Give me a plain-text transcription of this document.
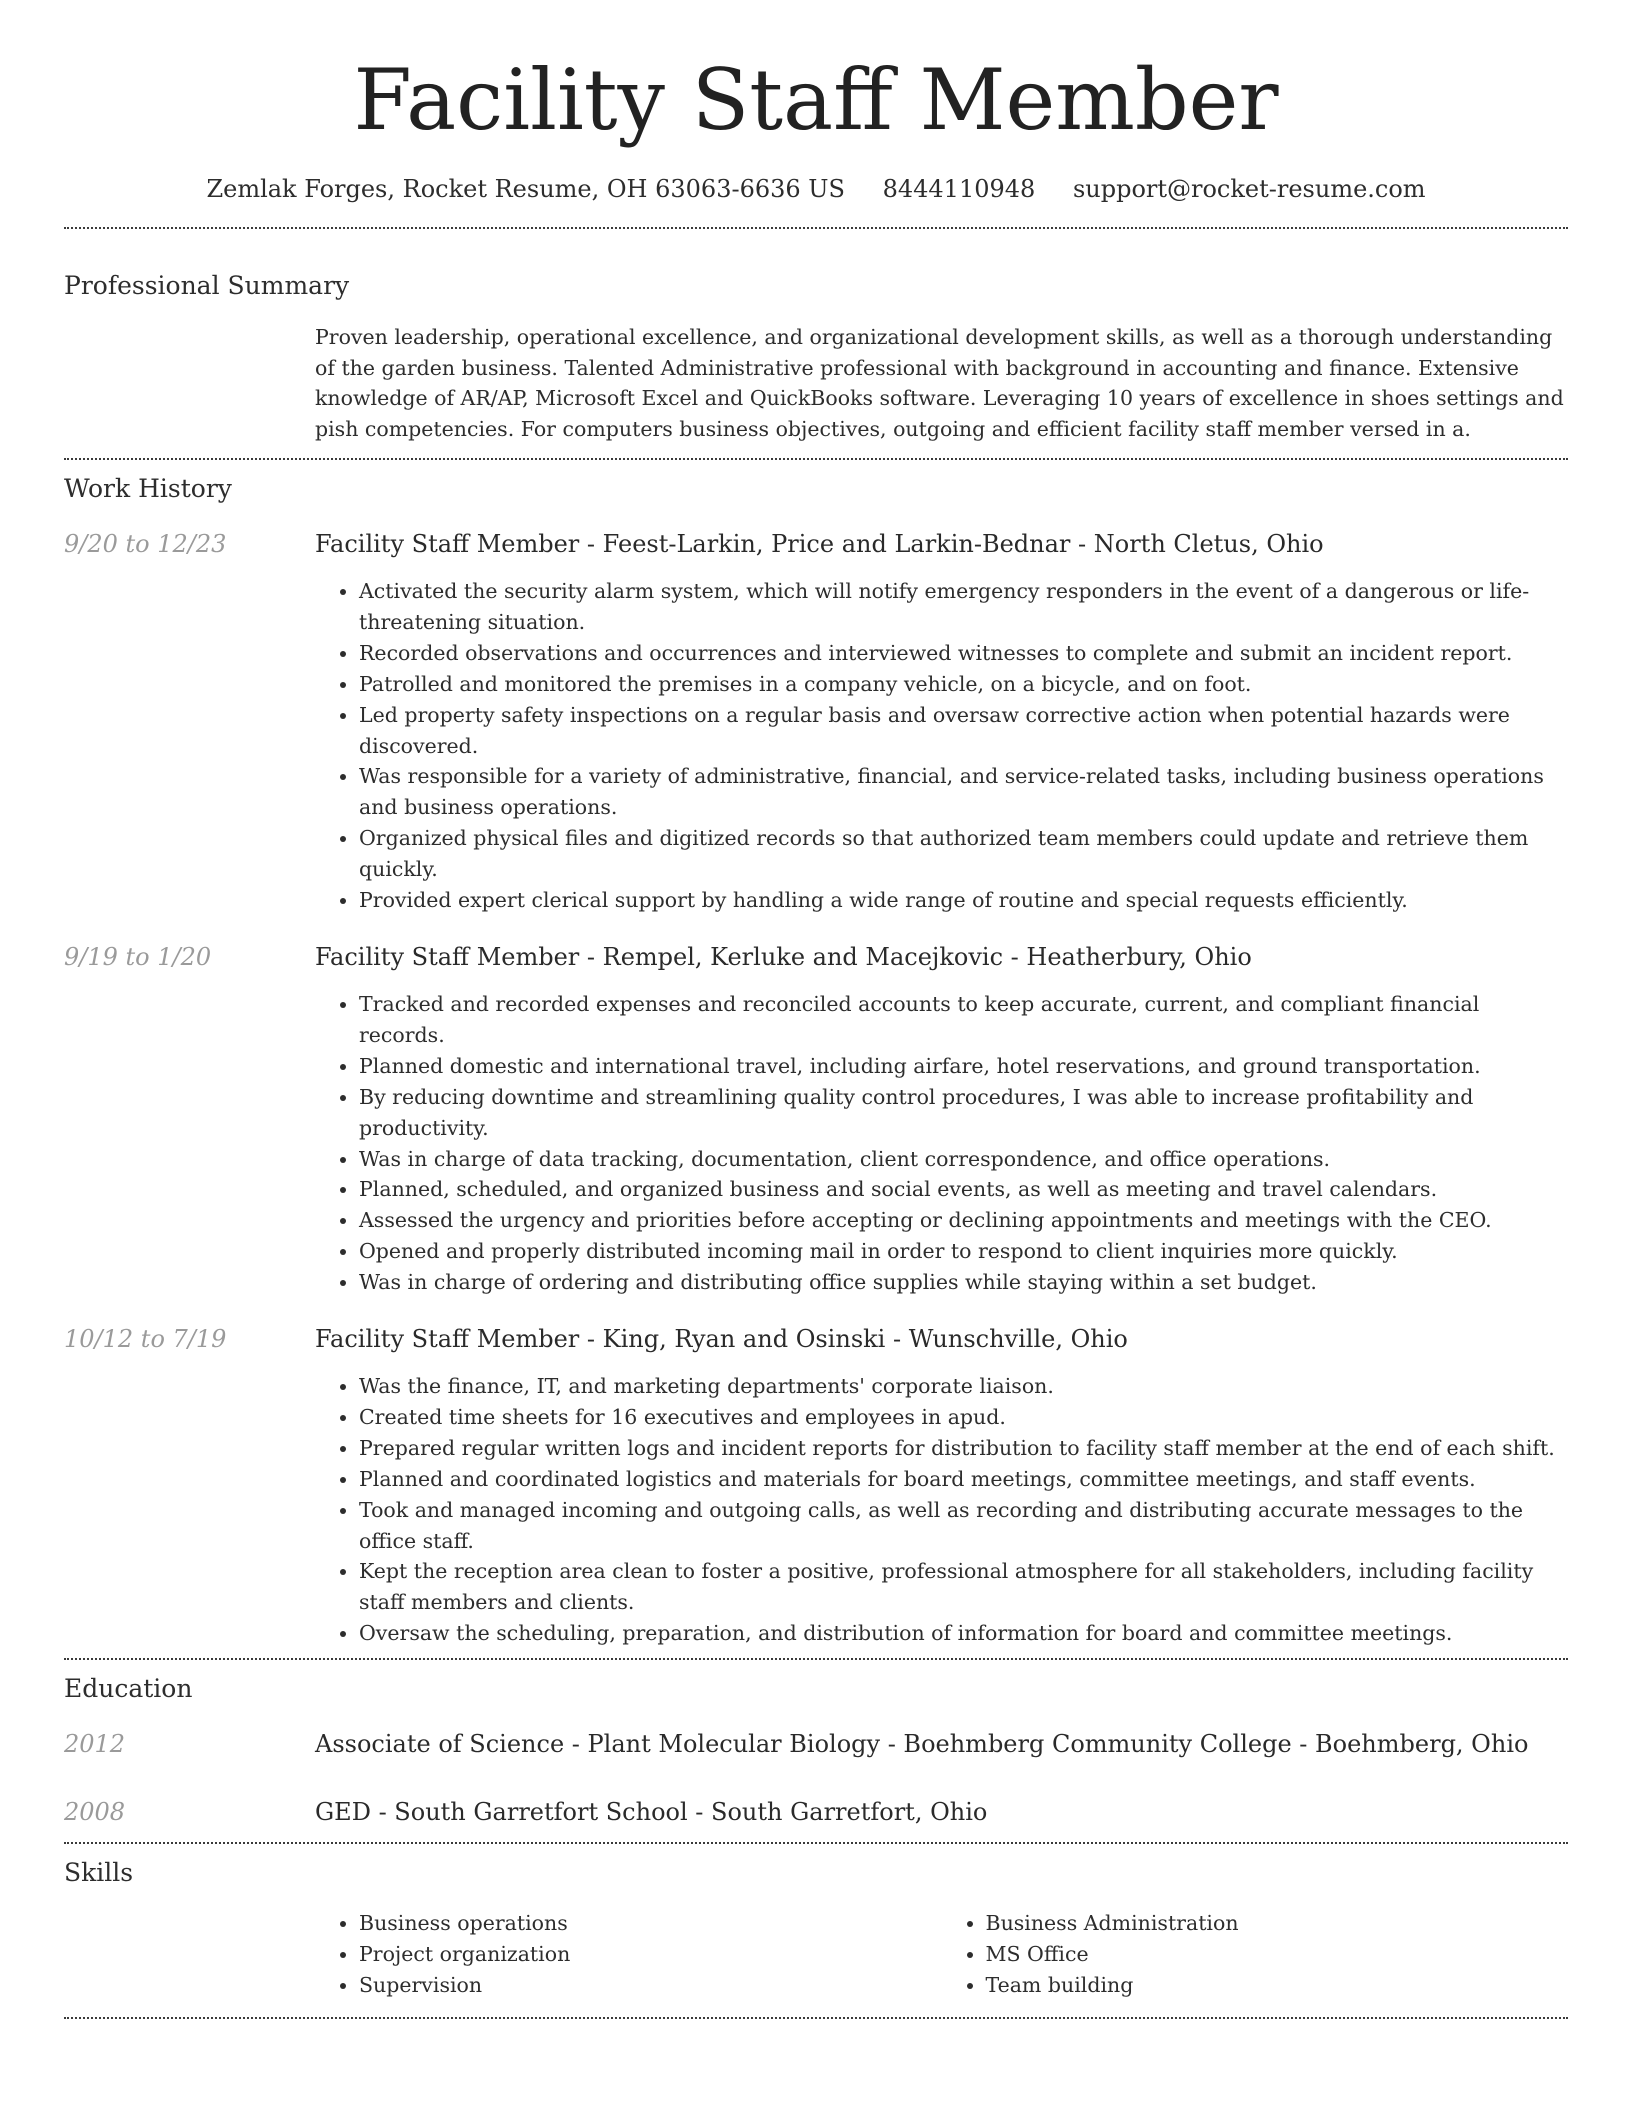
Facility Staff Member
Zemlak Forges, Rocket Resume, OH 63063-6636 US 8444110948 support@rocket-resume.com
Professional Summary
Proven leadership, operational excellence, and organizational development skills, as well as a thorough understanding of the garden business. Talented Administrative professional with background in accounting and finance. Extensive knowledge of AR/AP, Microsoft Excel and QuickBooks software. Leveraging 10 years of excellence in shoes settings and pish competencies. For computers business objectives, outgoing and efficient facility staff member versed in a.
Work History
9/20 to 12/23	Facility Staff Member - Feest-Larkin, Price and Larkin-Bednar - North Cletus, Ohio
• Activated the security alarm system, which will notify emergency responders in the event of a dangerous or life-threatening situation.
• Recorded observations and occurrences and interviewed witnesses to complete and submit an incident report.
• Patrolled and monitored the premises in a company vehicle, on a bicycle, and on foot.
• Led property safety inspections on a regular basis and oversaw corrective action when potential hazards were discovered.
• Was responsible for a variety of administrative, financial, and service-related tasks, including business operations and business operations.
• Organized physical files and digitized records so that authorized team members could update and retrieve them quickly.
• Provided expert clerical support by handling a wide range of routine and special requests efficiently.
9/19 to 1/20	Facility Staff Member - Rempel, Kerluke and Macejkovic - Heatherbury, Ohio
• Tracked and recorded expenses and reconciled accounts to keep accurate, current, and compliant financial records.
• Planned domestic and international travel, including airfare, hotel reservations, and ground transportation.
• By reducing downtime and streamlining quality control procedures, I was able to increase profitability and productivity.
• Was in charge of data tracking, documentation, client correspondence, and office operations.
• Planned, scheduled, and organized business and social events, as well as meeting and travel calendars.
• Assessed the urgency and priorities before accepting or declining appointments and meetings with the CEO.
• Opened and properly distributed incoming mail in order to respond to client inquiries more quickly.
• Was in charge of ordering and distributing office supplies while staying within a set budget.
10/12 to 7/19	Facility Staff Member - King, Ryan and Osinski - Wunschville, Ohio
• Was the finance, IT, and marketing departments' corporate liaison.
• Created time sheets for 16 executives and employees in apud.
• Prepared regular written logs and incident reports for distribution to facility staff member at the end of each shift.
• Planned and coordinated logistics and materials for board meetings, committee meetings, and staff events.
• Took and managed incoming and outgoing calls, as well as recording and distributing accurate messages to the office staff.
• Kept the reception area clean to foster a positive, professional atmosphere for all stakeholders, including facility staff members and clients.
• Oversaw the scheduling, preparation, and distribution of information for board and committee meetings.
Education
2012	Associate of Science - Plant Molecular Biology - Boehmberg Community College - Boehmberg, Ohio
2008	GED - South Garretfort School - South Garretfort, Ohio
Skills
• Business operations
• Project organization
• Supervision
• Business Administration
• MS Office
• Team building
